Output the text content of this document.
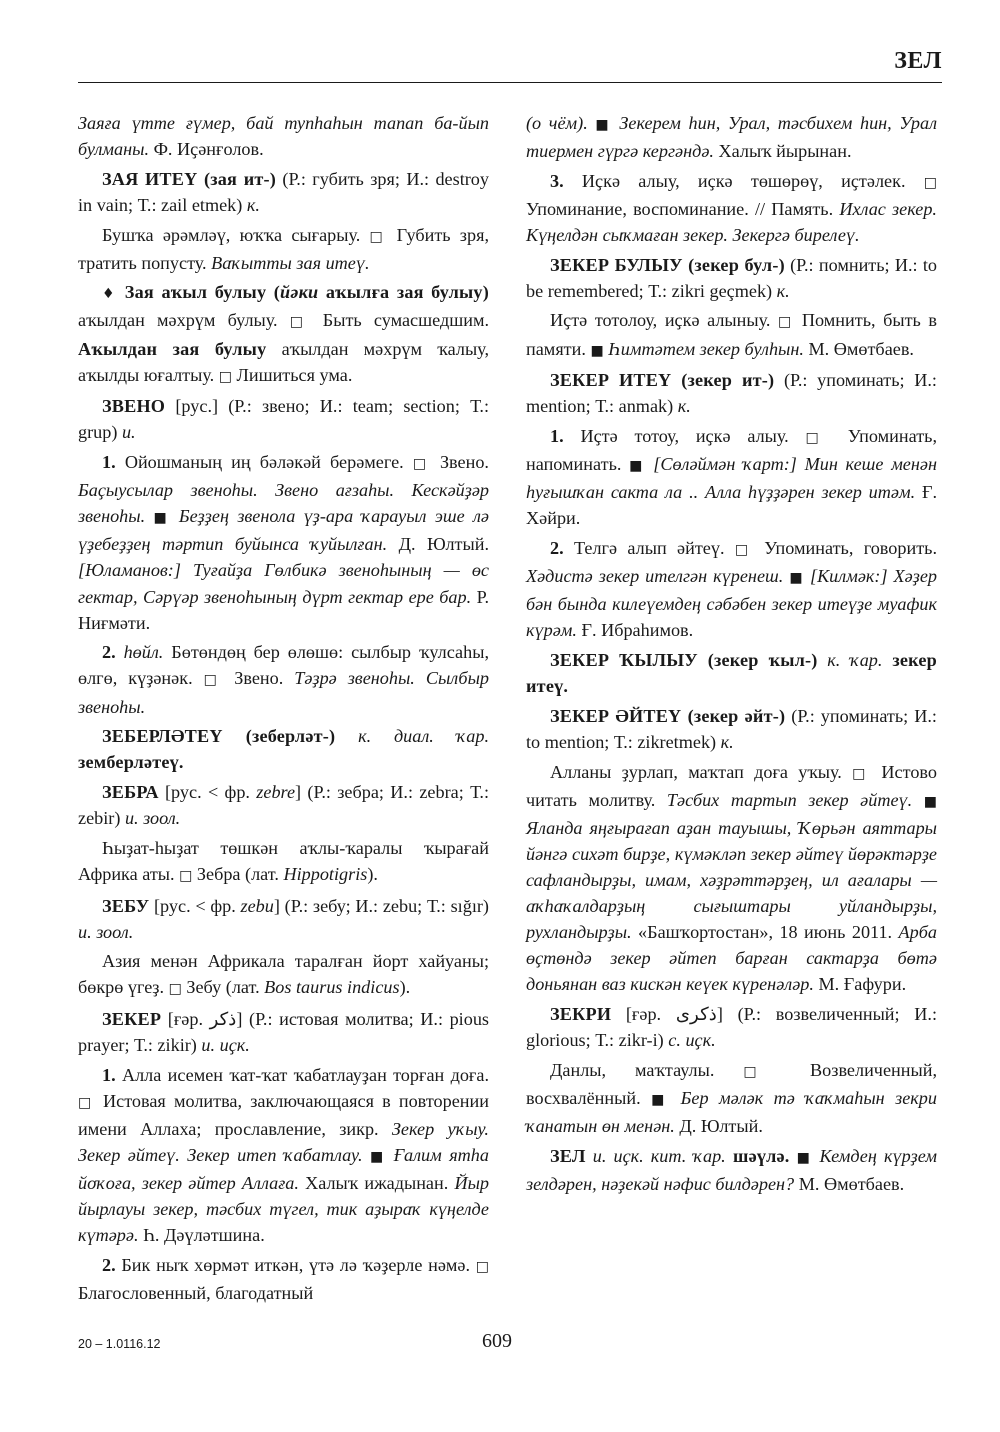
ЗЕЛ

Заяға үтте ғүмер, бай тупһаһын тапап ба-йып булманы. Ф. Иҫәнғолов.

ЗАЯ ИТЕҮ (зая ит-) (Р.: губить зря; И.: destroy in vain; Т.: zail etmek) к.

Бушҡа әрәмләү, юҡҡа сығарыу. □ Губить зря, тратить попусту. Ваҡытты зая итеү.

♦ Зая аҡыл булыу (йәки аҡылға зая булыу) аҡылдан мәхрүм булыу. □ Быть сумасшедшим. Аҡылдан зая булыу аҡылдан мәхрүм ҡалыу, аҡылды юғалтыу. □ Лишиться ума.

ЗВЕНО [рус.] (Р.: звено; И.: team; section; Т.: grup) и.

1. Ойошманың иң бәләкәй берәмеге. □ Звено. Баҫыусылар звеноһы. Звено ағзаһы. Кескәйҙәр звеноһы. ■ Беҙҙең звенола үҙ-ара ҡарауыл эше лә үҙебеҙҙең тәртип буйынса ҡуйылған. Д. Юлтый. [Юламанов:] Туғайҙа Гөлбикә звеноһының — өс гектар, Сәрүәр звеноһының дүрт гектар ере бар. Р. Ниғмәти.

2. һөйл. Бөтөндөң бер өлөшө: сылбыр ҡулсаһы, өлгө, күҙәнәк. □ Звено. Тәҙрә звеноһы. Сылбыр звеноһы.

ЗЕБЕРЛӘТЕҮ (зеберләт-) к. диал. ҡар. земберләтеү.

ЗЕБРА [рус. < фр. zebre] (Р.: зебра; И.: zebra; Т.: zebir) и. зоол.

Һыҙат-һыҙат төшкән аҡлы-ҡаралы ҡырағай Африка аты. □ Зебра (лат. Hippotigris).

ЗЕБУ [рус. < фр. zebu] (Р.: зебу; И.: zebu; Т.: sığır) и. зоол.

Азия менән Африкала таралған йорт хайуаны; бөкрө үгеҙ. □ Зебу (лат. Bos taurus indicus).

ЗЕКЕР [ғәр. ذكر] (Р.: истовая молитва; И.: pious prayer; Т.: zikir) и. иҫк.

1. Алла исемен ҡат-ҡат ҡабатлауҙан торған доға. □ Истовая молитва, заключающаяся в повторении имени Аллаха; прославление, зикр. Зекер уҡыу. Зекер әйтеү. Зекер итеп ҡабатлау. ■ Ғалим ятһа йоҡоға, зекер әйтер Аллаға. Халыҡ ижадынан. Йыр йырлауы зекер, тәсбих түгел, тик аҙыраҡ күңелде күтәрә. Һ. Дәүләтшина.

2. Бик ныҡ хөрмәт иткән, үтә лә ҡәҙерле нәмә. □ Благословенный, благодатный

(о чём). ■ Зекерем һин, Урал, тәсбихем һин, Урал тиермен гүргә кергәндә. Халыҡ йырынан.

3. Иҫкә алыу, иҫкә төшөрөү, иҫтәлек. □ Упоминание, воспоминание. // Память. Ихлас зекер. Күңелдән сыҡмаған зекер. Зекергә бирелеү.

ЗЕКЕР БУЛЫУ (зекер бул-) (Р.: помнить; И.: to be remembered; Т.: zikri geçmek) к.

Иҫтә тотолоу, иҫкә алыныу. □ Помнить, быть в памяти. ■ Һимməтем зекер булһын. М. Өмөтбаев.

ЗЕКЕР ИТЕҮ (зекер ит-) (Р.: упоминать; И.: mention; Т.: anmak) к.

1. Иҫтә тотоу, иҫкә алыу. □ Упоминать, напоминать. ■ [Сөләймән ҡарт:] Мин кеше менән һуғышҡан сакта ла .. Алла һүҙҙәрен зекер итәм. Ғ. Хәйри.

2. Телгә алып әйтеү. □ Упоминать, говорить. Хәдистә зекер ителгән күренеш. ■ [Килмәк:] Хәҙер бән бында килеүемдең сәбәбен зекер итеүҙе муафик күрәм. Ғ. Ибраһимов.

ЗЕКЕР ҠЫЛЫУ (зекер ҡыл-) к. ҡар. зекер итеү.

ЗЕКЕР ӘЙТЕҮ (зекер әйт-) (Р.: упоминать; И.: to mention; Т.: zikretmek) к.

Алланы ҙурлап, маҡтап доға уҡыу. □ Истово читать молитву. Тәсбих тартып зекер әйтеү. ■ Яланда яңғырағап аҙан тауышы, Ҡөрьән аяттары йәнгә сихәт бирҙе, күмәкләп зекер әйтеү йөрәктәрҙе сафландырҙы, имам, хәҙрәттәрҙең, ил ағалары — аҡһаҡалдарҙың сығыштары уйландырҙы, рухландырҙы. «Башҡортостан», 18 июнь 2011. Арба өҫтөндә зекер әйтеп барған сактарҙа бөтә доньянан ваз кискән кеүек күренәләр. М. Ғафури.

ЗЕКРИ [ғәр. ذكرى] (Р.: возвеличенный; И.: glorious; Т.: zikr-i) с. иҫк.

Данлы, маҡтаулы. □ Возвеличенный, восхвалённый. ■ Бер мәләк тә ҡаҡмаһын зекри ҡанатын өн менән. Д. Юлтый.

ЗЕЛ и. иҫк. кит. ҡар. шәүлә. ■ Кемдең күрҙем зелдәрен, нәҙекәй нәфис билдәрен? М. Өмөтбаев.

20 – 1.0116.12	609
